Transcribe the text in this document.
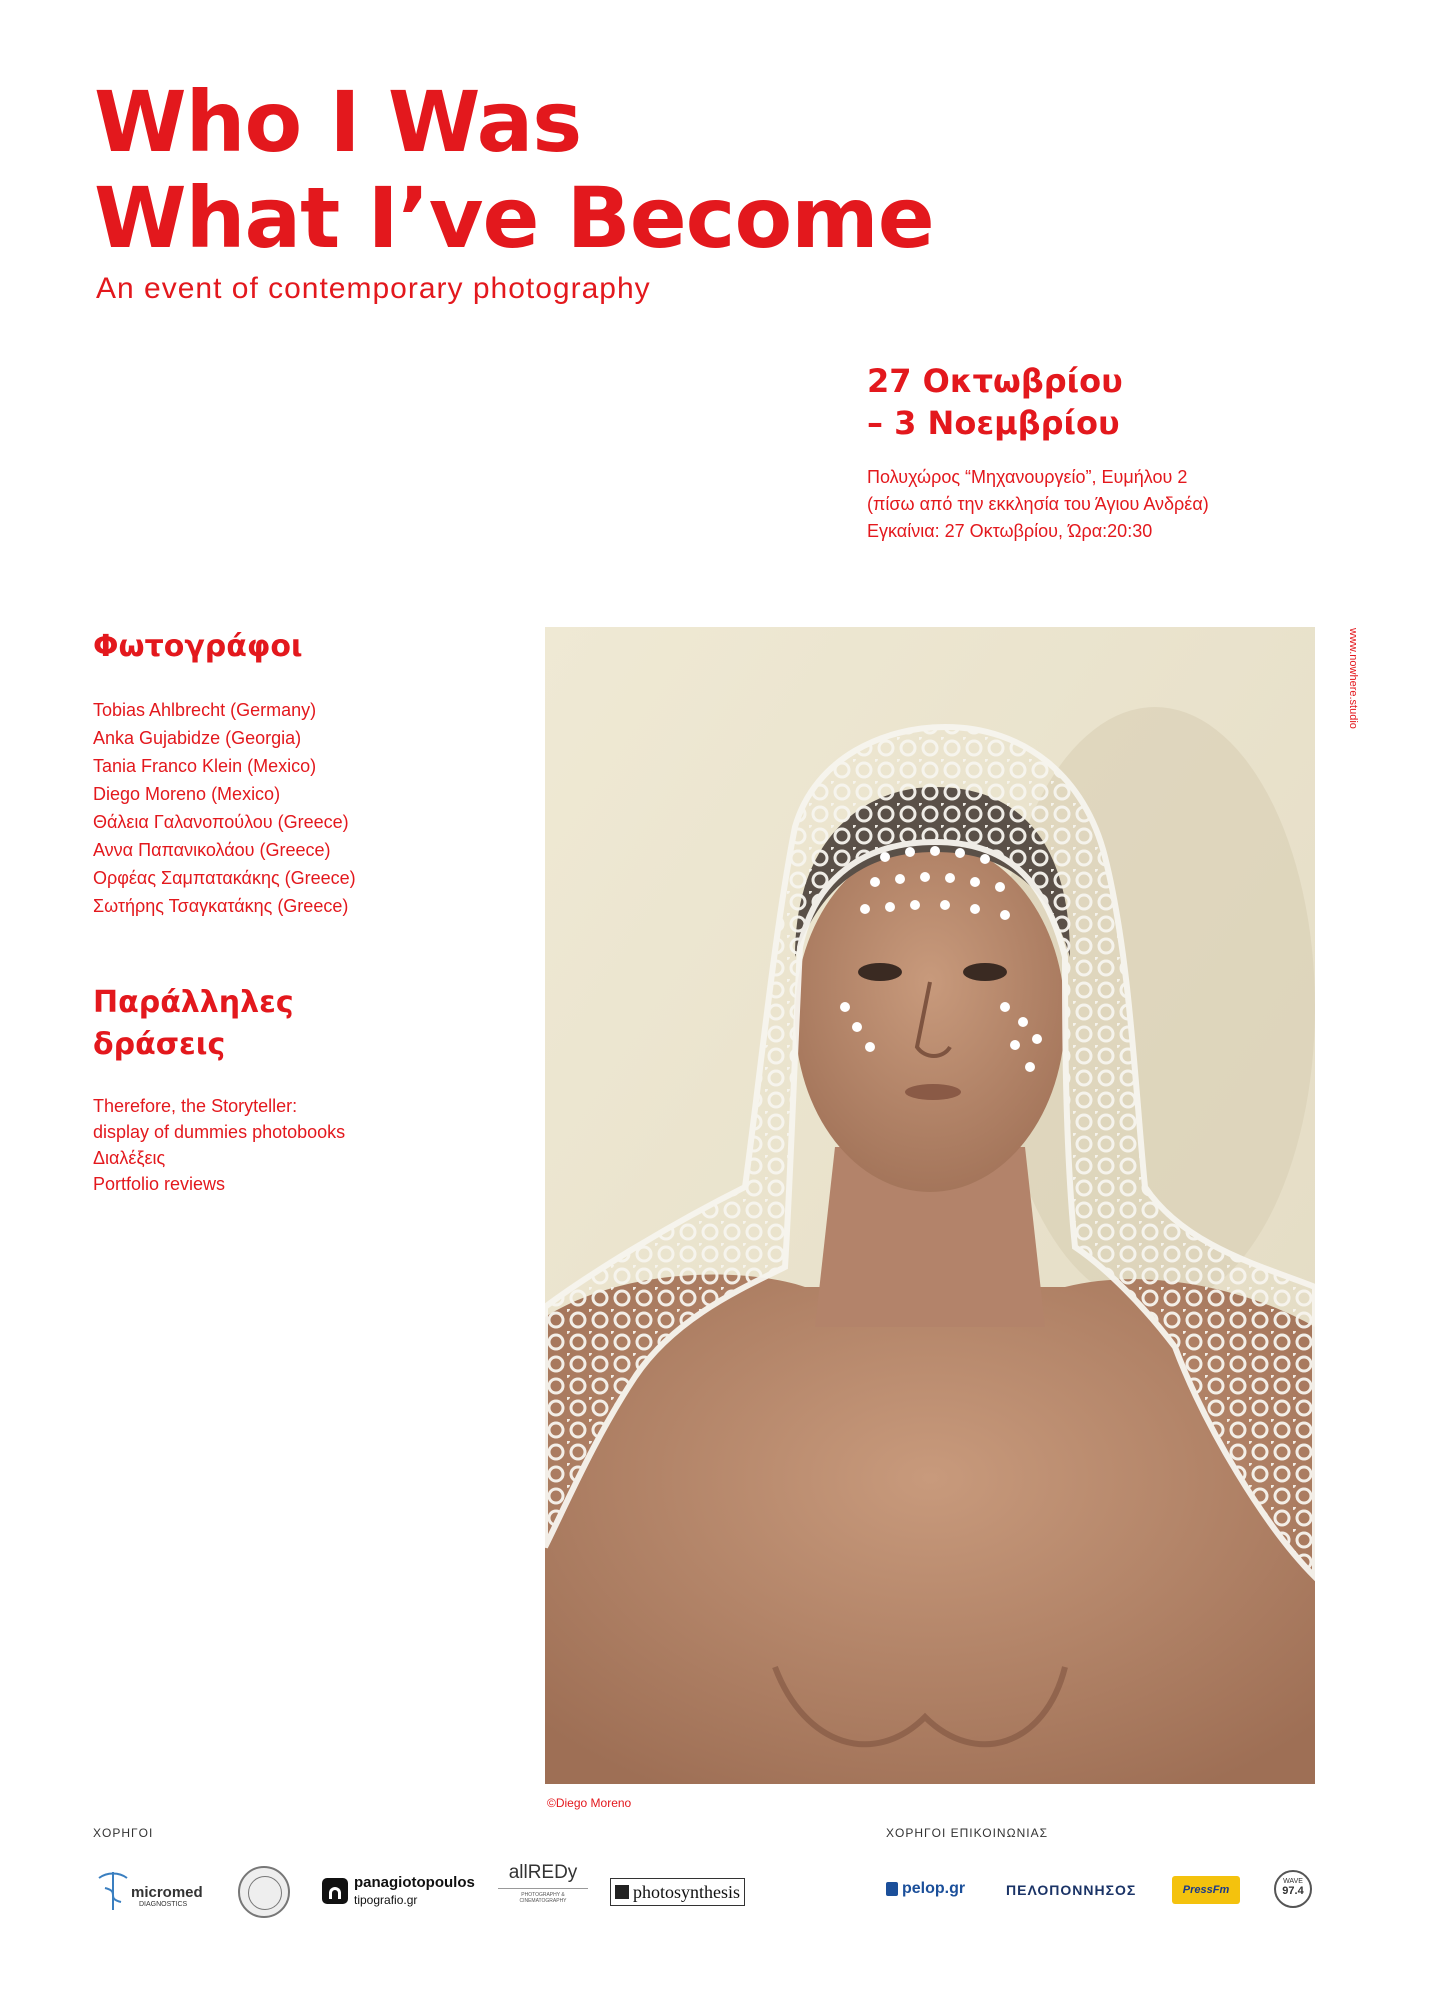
Who I Was
What I’ve Become
An event of contemporary photography
27 Οκτωβρίου
– 3 Νοεμβρίου
Πολυχώρος “Μηχανουργείο”, Ευμήλου 2
(πίσω από την εκκλησία του Άγιου Ανδρέα)
Εγκαίνια: 27 Οκτωβρίου, Ώρα:20:30
Φωτογράφοι
Tobias Ahlbrecht (Germany)
Anka Gujabidze (Georgia)
Tania Franco Klein (Mexico)
Diego Moreno (Mexico)
Θάλεια Γαλανοπούλου (Greece)
Αννα Παπανικολάου (Greece)
Ορφέας Σαμπατακάκης (Greece)
Σωτήρης Τσαγκατάκης (Greece)
Παράλληλες
δράσεις
Therefore, the Storyteller:
display of dummies photobooks
Διαλέξεις
Portfolio reviews
©Diego Moreno
www.nowhere.studio
ΧΟΡΗΓΟΙ	ΧΟΡΗΓΟΙ ΕΠΙΚΟΙΝΩΝΙΑΣ
micromed
DIAGNOSTICS
panagiotopoulos
tipografio.gr
allREDy
PHOTOGRAPHY & CINEMATOGRAPHY	photosynthesis	pelop.gr	ΠΕΛΟΠΟΝΝΗΣΟΣ	PressFm
WAVE
97.4
